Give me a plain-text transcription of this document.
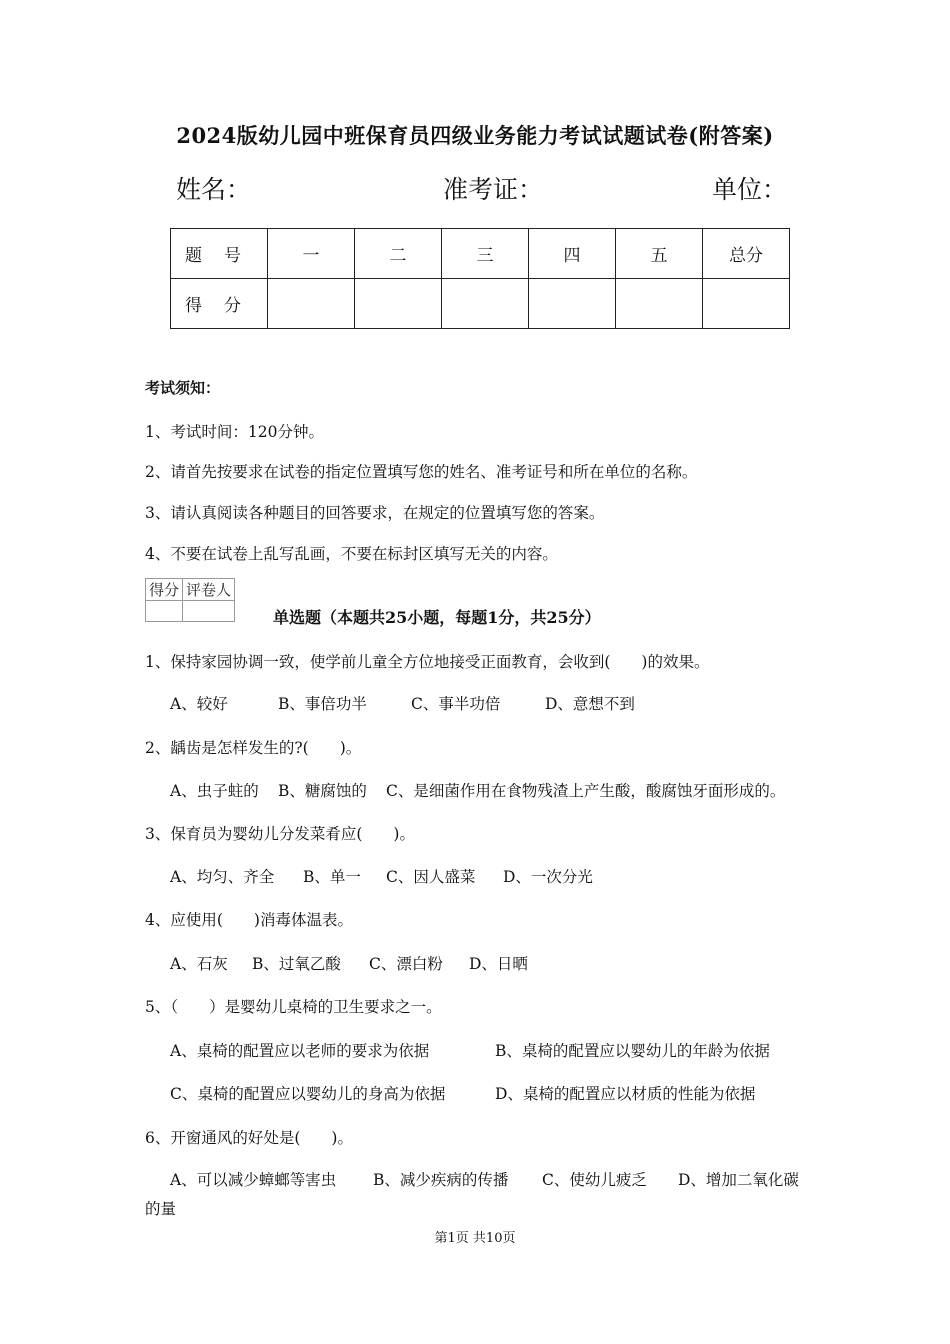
2024版幼儿园中班保育员四级业务能力考试试题试卷(附答案)
姓名：	准考证：	单位：
题号	一	二	三	四	五	总分
得分						
考试须知：
1、考试时间：120分钟。
2、请首先按要求在试卷的指定位置填写您的姓名、准考证号和所在单位的名称。
3、请认真阅读各种题目的回答要求，在规定的位置填写您的答案。
4、不要在试卷上乱写乱画，不要在标封区填写无关的内容。
得分	评卷人

单选题（本题共25小题，每题1分，共25分）
1、保持家园协调一致，使学前儿童全方位地接受正面教育，会收到(　　)的效果。
A、较好	B、事倍功半	C、事半功倍	D、意想不到
2、龋齿是怎样发生的?(　　)。
A、虫子蛀的 B、糖腐蚀的 C、是细菌作用在食物残渣上产生酸，酸腐蚀牙面形成的。
3、保育员为婴幼儿分发菜肴应(　　)。
A、均匀、齐全 B、单一 C、因人盛菜 D、一次分光
4、应使用(　　)消毒体温表。
A、石灰 B、过氧乙酸 C、漂白粉 D、日晒
5、（　　）是婴幼儿桌椅的卫生要求之一。
A、桌椅的配置应以老师的要求为依据	B、桌椅的配置应以婴幼儿的年龄为依据
C、桌椅的配置应以婴幼儿的身高为依据	D、桌椅的配置应以材质的性能为依据
6、开窗通风的好处是(　　)。
A、可以减少蟑螂等害虫 B、减少疾病的传播 C、使幼儿疲乏 D、增加二氧化碳
的量
第1页 共10页
